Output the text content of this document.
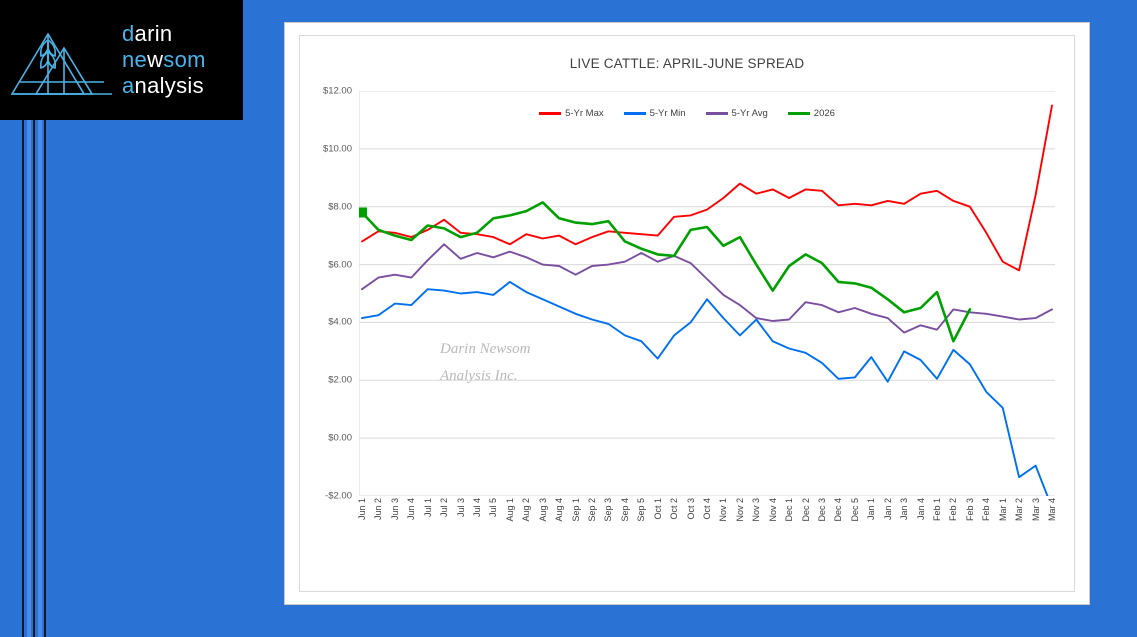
darin
newsom
analysis
LIVE CATTLE: APRIL-JUNE SPREAD
5-Yr Max	5-Yr Min	5-Yr Avg	2026
-$2.00
$0.00
$2.00
$4.00
$6.00
$8.00
$10.00
$12.00
Jun 1 Jun 2 Jun 3 Jun 4 Jul 1 Jul 2 Jul 3 Jul 4 Jul 5 Aug 1 Aug 2 Aug 3 Aug 4 Sep 1 Sep 2 Sep 3 Sep 4 Sep 5 Oct 1 Oct 2 Oct 3 Oct 4 Nov 1 Nov 2 Nov 3 Nov 4 Dec 1 Dec 2 Dec 3 Dec 4 Dec 5 Jan 1 Jan 2 Jan 3 Jan 4 Feb 1 Feb 2 Feb 3 Feb 4 Mar 1 Mar 2 Mar 3 Mar 4
Darin Newsom
Analysis Inc.
